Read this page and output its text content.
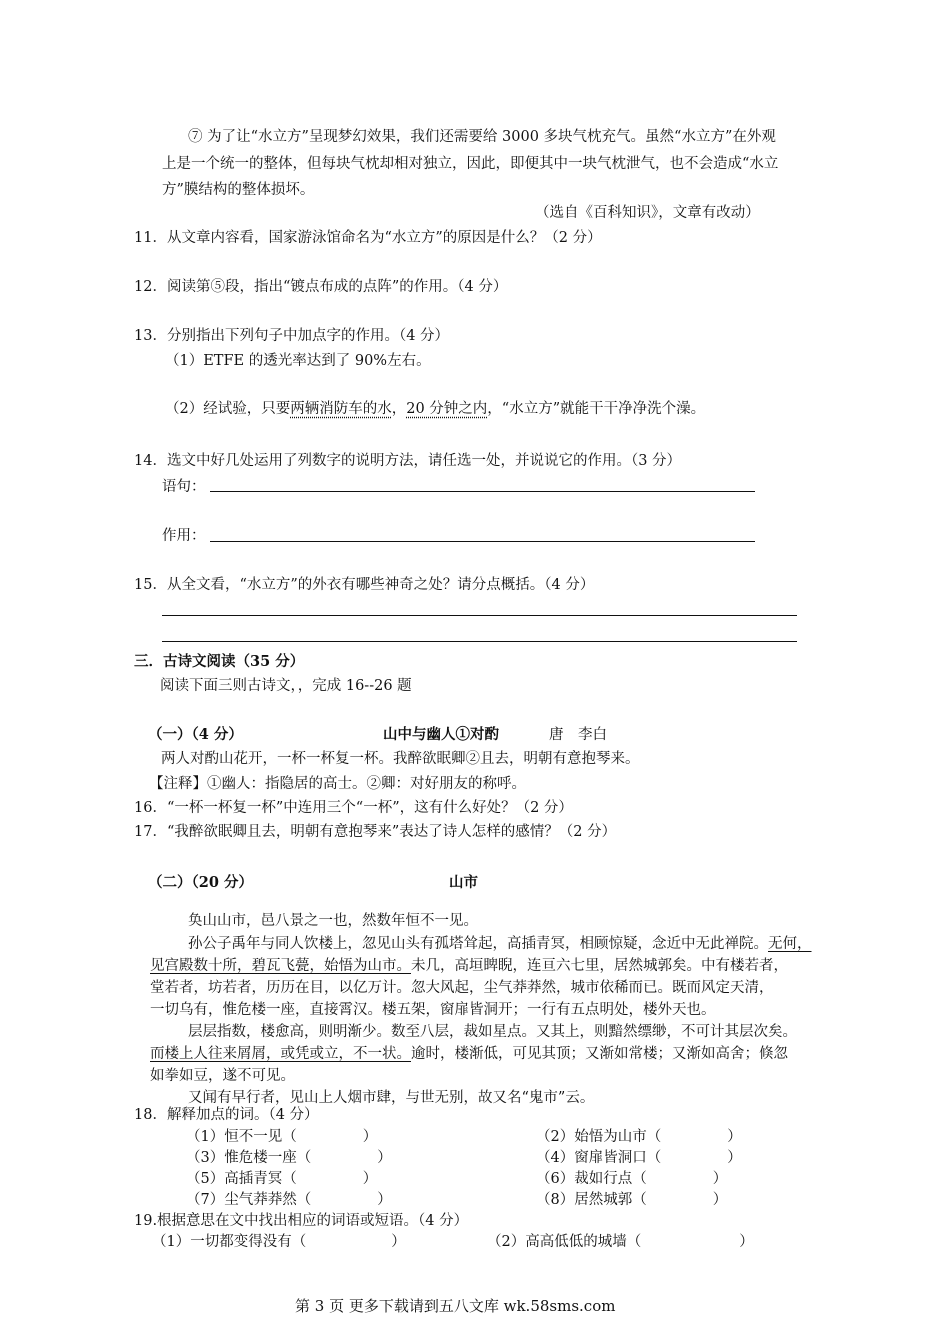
⑦ 为了让“水立方”呈现梦幻效果，我们还需要给 3000 多块气枕充气。虽然“水立方”在外观
上是一个统一的整体，但每块气枕却相对独立，因此，即便其中一块气枕泄气，也不会造成“水立
方”膜结构的整体损坏。
（选自《百科知识》，文章有改动）
11．从文章内容看，国家游泳馆命名为“水立方”的原因是什么？（2 分）
12．阅读第⑤段，指出“镀点布成的点阵”的作用。（4 分）
13．分别指出下列句子中加点字的作用。（4 分）
（1）ETFE 的透光率达到了 90%左右。
（2）经试验，只要两辆消防车的水，20 分钟之内，“水立方”就能干干净净洗个澡。
14．选文中好几处运用了列数字的说明方法，请任选一处，并说说它的作用。（3 分）
语句：
作用：
15．从全文看，“水立方”的外衣有哪些神奇之处？请分点概括。（4 分）
三．古诗文阅读（35 分）
阅读下面三则古诗文，，完成 16--26 题
（一）（4 分）	山中与幽人①对酌	唐　李白
两人对酌山花开，一杯一杯复一杯。我醉欲眠卿②且去，明朝有意抱琴来。
【注释】①幽人：指隐居的高士。②卿：对好朋友的称呼。
16．“一杯一杯复一杯”中连用三个“一杯”，这有什么好处？（2 分）
17．“我醉欲眠卿且去，明朝有意抱琴来”表达了诗人怎样的感情？（2 分）
（二）（20 分）	山市
奂山山市，邑八景之一也，然数年恒不一见。
孙公子禹年与同人饮楼上，忽见山头有孤塔耸起，高插青冥，相顾惊疑，念近中无此禅院。无何，
见宫殿数十所，碧瓦飞甍，始悟为山市。未几，高垣睥睨，连亘六七里，居然城郭矣。中有楼若者，
堂若者，坊若者，历历在目，以亿万计。忽大风起，尘气莽莽然，城市依稀而已。既而风定天清，
一切乌有，惟危楼一座，直接霄汉。楼五架，窗扉皆洞开；一行有五点明处，楼外天也。
层层指数，楼愈高，则明渐少。数至八层，裁如星点。又其上，则黯然缥缈，不可计其层次矣。
而楼上人往来屑屑，或凭或立，不一状。逾时，楼渐低，可见其顶；又渐如常楼；又渐如高舍；倏忽
如拳如豆，遂不可见。
又闻有早行者，见山上人烟市肆，与世无别，故又名“鬼市”云。
18．解释加点的词。（4 分）
（1）恒不一见（	）	（2）始悟为山市（	）
（3）惟危楼一座（	）	（4）窗扉皆洞口（	）
（5）高插青冥（	）	（6）裁如行点（	）
（7）尘气莽莽然（	）	（8）居然城郭（	）
19.根据意思在文中找出相应的词语或短语。（4 分）
（1）一切都变得没有（	）	（2）高高低低的城墙（	）
第 3 页 更多下载请到五八文库 wk.58sms.com
